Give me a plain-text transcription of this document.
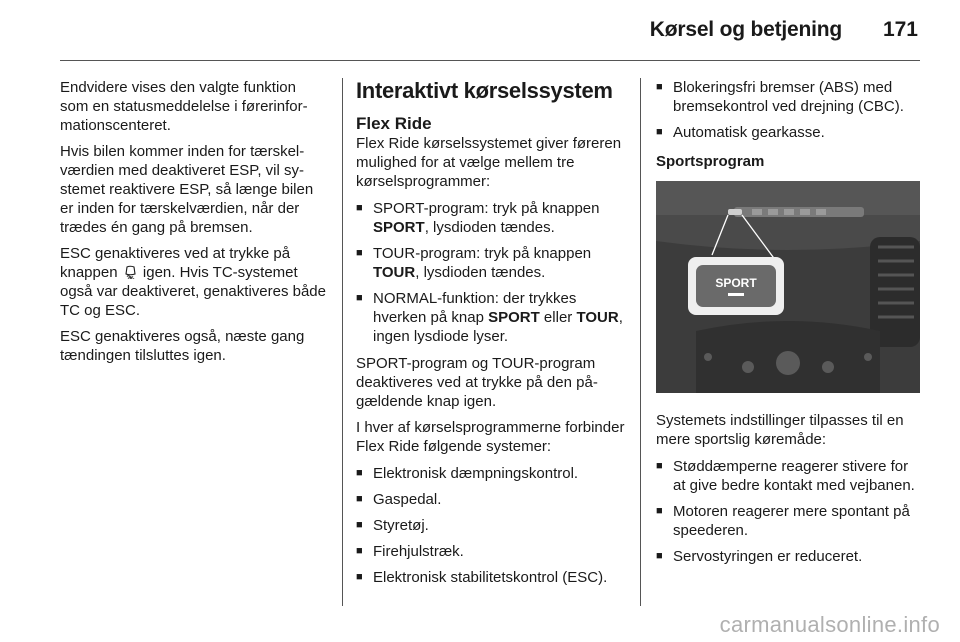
Kørsel og betjening 171

Endvidere vises den valgte funktion som en statusmeddelelse i førerinformationscenteret.

Hvis bilen kommer inden for tærskelværdien med deaktiveret ESP, vil systemet reaktivere ESP, så længe bilen er inden for tærskelværdien, når der trædes én gang på bremsen.

ESC genaktiveres ved at trykke på knappen igen. Hvis TC-systemet også var deaktiveret, genaktiveres både TC og ESC.

ESC genaktiveres også, næste gang tændingen tilsluttes igen.

Interaktivt kørselssystem
Flex Ride

Flex Ride kørselssystemet giver føreren mulighed for at vælge mellem tre kørselsprogrammer:

■ SPORT-program: tryk på knappen SPORT, lysdioden tændes.
■ TOUR-program: tryk på knappen TOUR, lysdioden tændes.
■ NORMAL-funktion: der trykkes hverken på knap SPORT eller TOUR, ingen lysdiode lyser.

SPORT-program og TOUR-program deaktiveres ved at trykke på den pågældende knap igen.

I hver af kørselsprogrammerne forbinder Flex Ride følgende systemer:

■ Elektronisk dæmpningskontrol.
■ Gaspedal.
■ Styretøj.
■ Firehjulstræk.
■ Elektronisk stabilitetskontrol (ESC).
■ Blokeringsfri bremser (ABS) med bremsekontrol ved drejning (CBC).
■ Automatisk gearkasse.
Sportsprogram
SPORT

Systemets indstillinger tilpasses til en mere sportslig køremåde:

■ Støddæmperne reagerer stivere for at give bedre kontakt med vejbanen.
■ Motoren reagerer mere spontant på speederen.
■ Servostyringen er reduceret.
carmanualsonline.info
